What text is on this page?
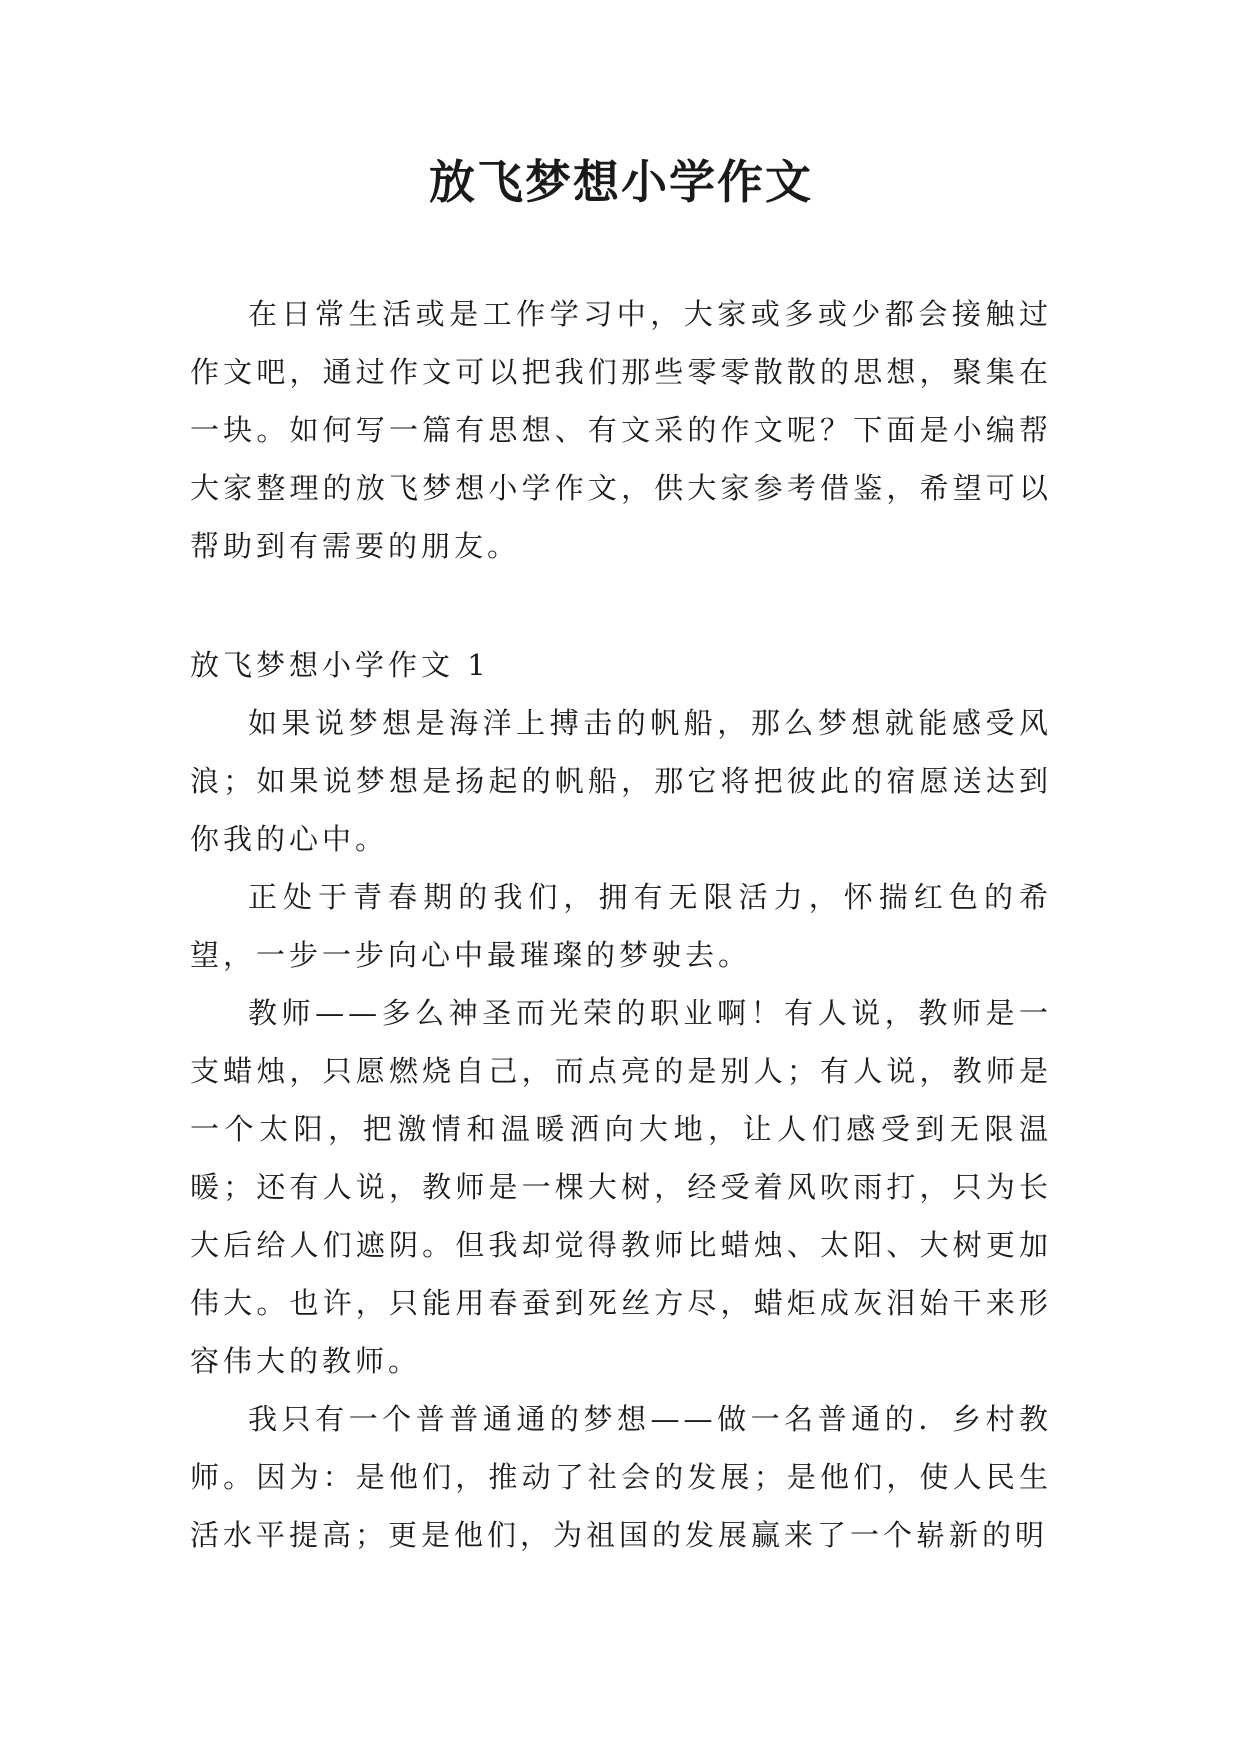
放飞梦想小学作文

在日常生活或是工作学习中，大家或多或少都会接触过作文吧，通过作文可以把我们那些零零散散的思想，聚集在一块。如何写一篇有思想、有文采的作文呢？下面是小编帮大家整理的放飞梦想小学作文，供大家参考借鉴，希望可以帮助到有需要的朋友。

放飞梦想小学作文 1

如果说梦想是海洋上搏击的帆船，那么梦想就能感受风浪；如果说梦想是扬起的帆船，那它将把彼此的宿愿送达到你我的心中。

正处于青春期的我们，拥有无限活力，怀揣红色的希望，一步一步向心中最璀璨的梦驶去。

教师——多么神圣而光荣的职业啊！有人说，教师是一支蜡烛，只愿燃烧自己，而点亮的是别人；有人说，教师是一个太阳，把激情和温暖洒向大地，让人们感受到无限温暖；还有人说，教师是一棵大树，经受着风吹雨打，只为长大后给人们遮阴。但我却觉得教师比蜡烛、太阳、大树更加伟大。也许，只能用春蚕到死丝方尽，蜡炬成灰泪始干来形容伟大的教师。

我只有一个普普通通的梦想——做一名普通的．乡村教师。因为：是他们，推动了社会的发展；是他们，使人民生活水平提高；更是他们，为祖国的发展赢来了一个崭新的明
